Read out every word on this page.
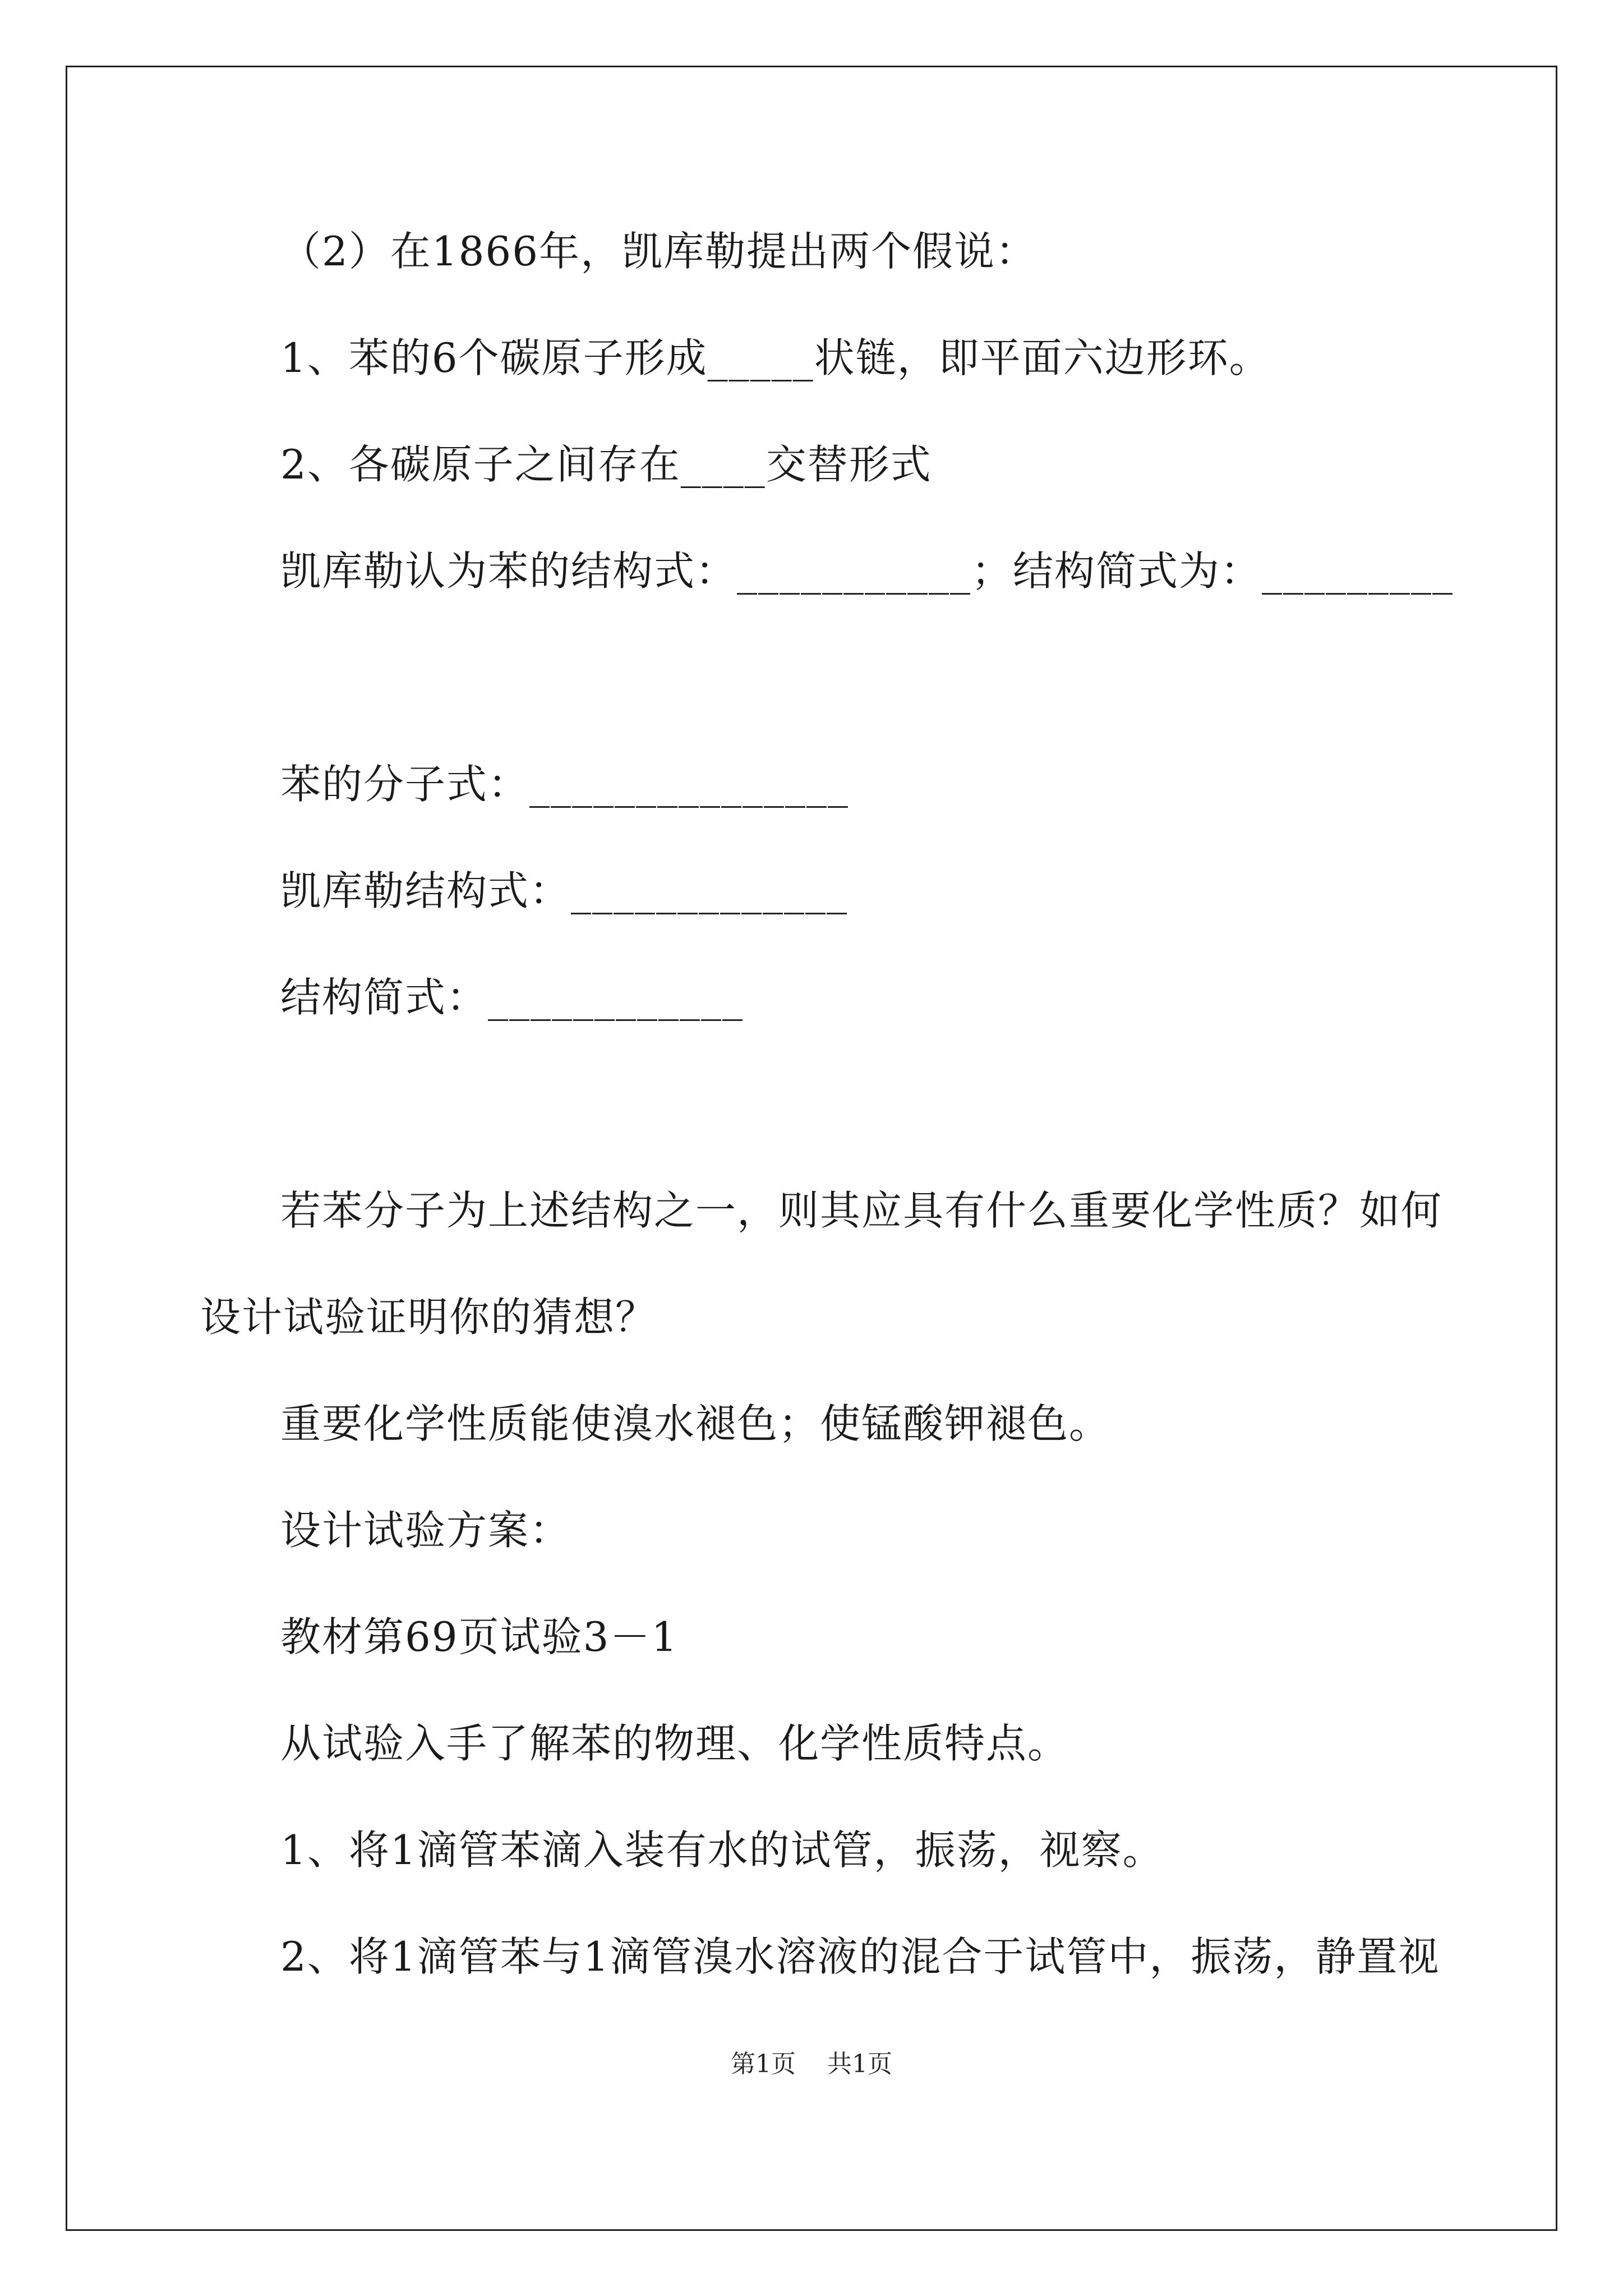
（2）在1866年，凯库勒提出两个假说：
1、苯的6个碳原子形成_____状链，即平面六边形环。
2、各碳原子之间存在____交替形式
凯库勒认为苯的结构式：___________；结构简式为：_________
苯的分子式：_______________
凯库勒结构式：_____________
结构简式：____________
若苯分子为上述结构之一，则其应具有什么重要化学性质？如何
设计试验证明你的猜想？
重要化学性质能使溴水褪色；使锰酸钾褪色。
设计试验方案：
教材第69页试验3－1
从试验入手了解苯的物理、化学性质特点。
1、将1滴管苯滴入装有水的试管，振荡，视察。
2、将1滴管苯与1滴管溴水溶液的混合于试管中，振荡，静置视
第1页 共1页
